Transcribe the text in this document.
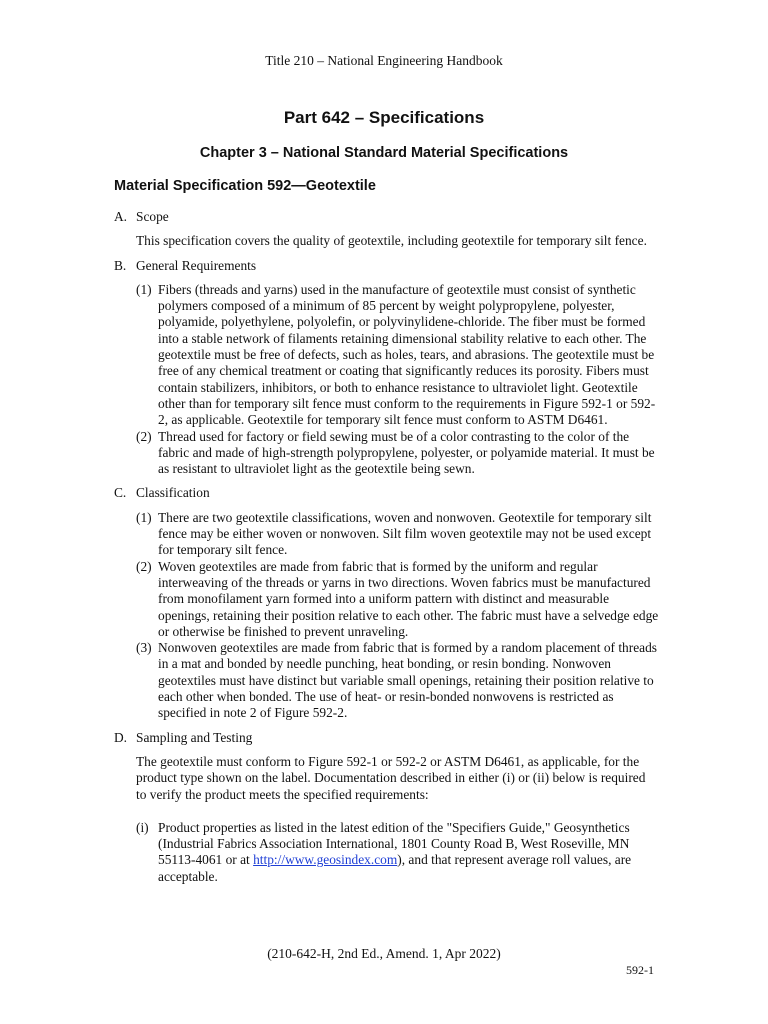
Title 210 – National Engineering Handbook
Part 642 – Specifications
Chapter 3 – National Standard Material Specifications
Material Specification 592—Geotextile
A. Scope
This specification covers the quality of geotextile, including geotextile for temporary silt fence.
B. General Requirements
(1) Fibers (threads and yarns) used in the manufacture of geotextile must consist of synthetic polymers composed of a minimum of 85 percent by weight polypropylene, polyester, polyamide, polyethylene, polyolefin, or polyvinylidene-chloride. The fiber must be formed into a stable network of filaments retaining dimensional stability relative to each other. The geotextile must be free of defects, such as holes, tears, and abrasions. The geotextile must be free of any chemical treatment or coating that significantly reduces its porosity. Fibers must contain stabilizers, inhibitors, or both to enhance resistance to ultraviolet light. Geotextile other than for temporary silt fence must conform to the requirements in Figure 592-1 or 592-2, as applicable. Geotextile for temporary silt fence must conform to ASTM D6461.
(2) Thread used for factory or field sewing must be of a color contrasting to the color of the fabric and made of high-strength polypropylene, polyester, or polyamide material. It must be as resistant to ultraviolet light as the geotextile being sewn.
C. Classification
(1) There are two geotextile classifications, woven and nonwoven. Geotextile for temporary silt fence may be either woven or nonwoven. Silt film woven geotextile may not be used except for temporary silt fence.
(2) Woven geotextiles are made from fabric that is formed by the uniform and regular interweaving of the threads or yarns in two directions. Woven fabrics must be manufactured from monofilament yarn formed into a uniform pattern with distinct and measurable openings, retaining their position relative to each other. The fabric must have a selvedge edge or otherwise be finished to prevent unraveling.
(3) Nonwoven geotextiles are made from fabric that is formed by a random placement of threads in a mat and bonded by needle punching, heat bonding, or resin bonding. Nonwoven geotextiles must have distinct but variable small openings, retaining their position relative to each other when bonded. The use of heat- or resin-bonded nonwovens is restricted as specified in note 2 of Figure 592-2.
D. Sampling and Testing
The geotextile must conform to Figure 592-1 or 592-2 or ASTM D6461, as applicable, for the product type shown on the label. Documentation described in either (i) or (ii) below is required to verify the product meets the specified requirements:
(i) Product properties as listed in the latest edition of the "Specifiers Guide," Geosynthetics (Industrial Fabrics Association International, 1801 County Road B, West Roseville, MN 55113-4061 or at http://www.geosindex.com), and that represent average roll values, are acceptable.
(210-642-H, 2nd Ed., Amend. 1, Apr 2022)
592-1
